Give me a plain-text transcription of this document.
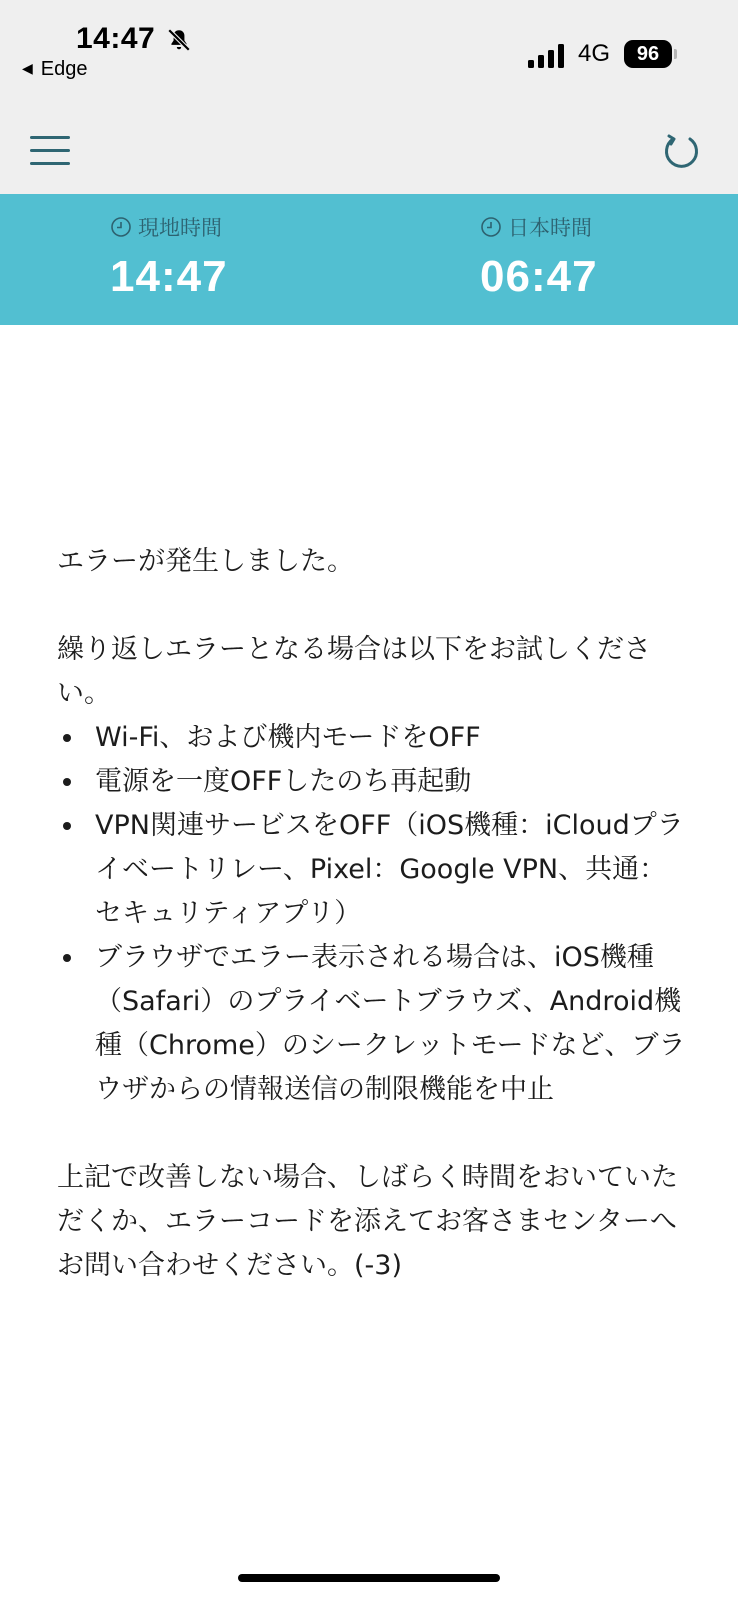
14:47
◀ Edge
4G	96
現地時間
14:47
日本時間
06:47

エラーが発生しました。

繰り返しエラーとなる場合は以下をお試しください。

Wi-Fi、および機内モードをOFF
電源を一度OFFしたのち再起動
VPN関連サービスをOFF（iOS機種：iCloudプライベートリレー、Pixel：Google VPN、共通：セキュリティアプリ）
ブラウザでエラー表示される場合は、iOS機種（Safari）のプライベートブラウズ、Android機種（Chrome）のシークレットモードなど、ブラウザからの情報送信の制限機能を中止

上記で改善しない場合、しばらく時間をおいていただくか、エラーコードを添えてお客さまセンターへお問い合わせください。(-3)
